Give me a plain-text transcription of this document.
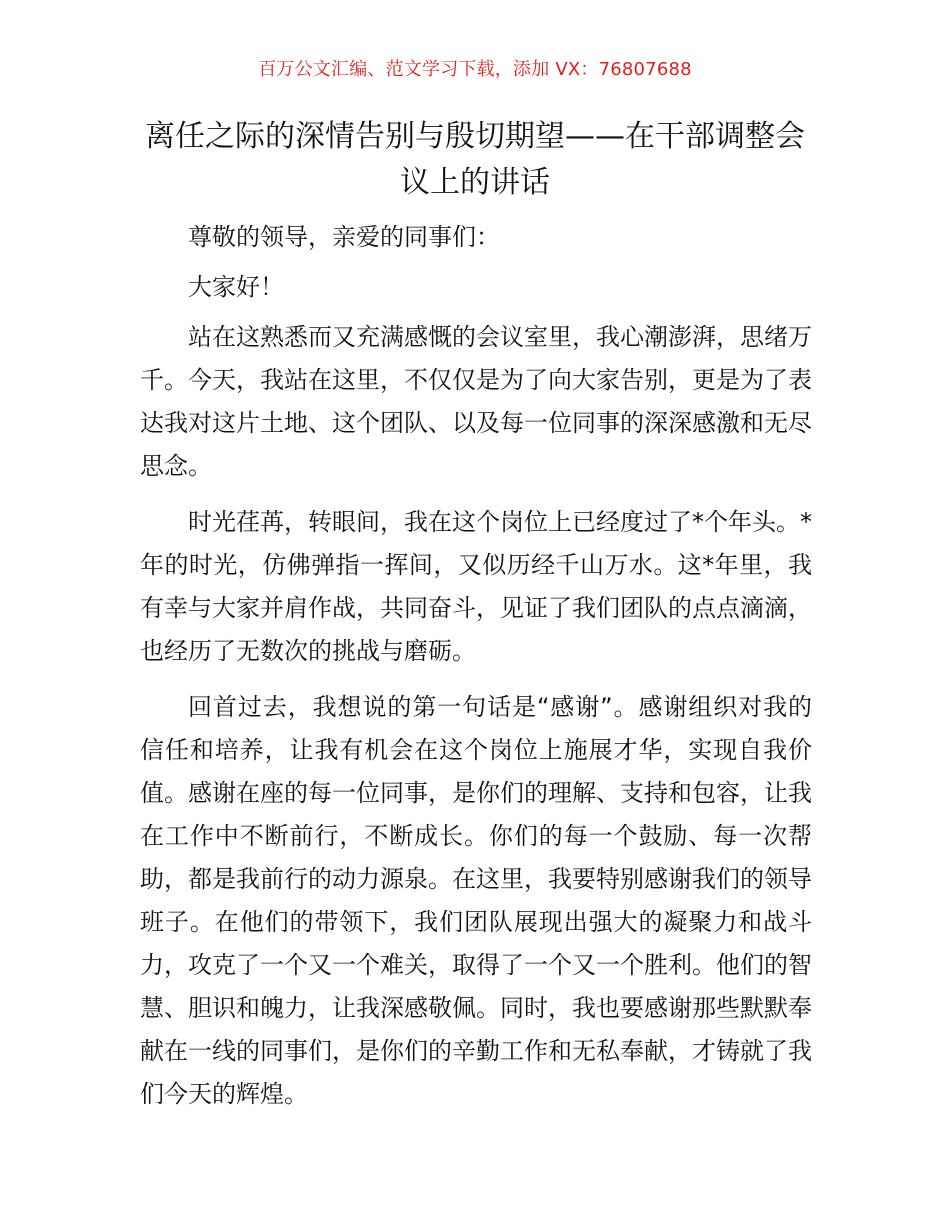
百万公文汇编、范文学习下载，添加 VX：76807688
离任之际的深情告别与殷切期望——在干部调整会议上的讲话

尊敬的领导，亲爱的同事们：

大家好！

站在这熟悉而又充满感慨的会议室里，我心潮澎湃，思绪万千。今天，我站在这里，不仅仅是为了向大家告别，更是为了表达我对这片土地、这个团队、以及每一位同事的深深感激和无尽思念。

时光荏苒，转眼间，我在这个岗位上已经度过了*个年头。*年的时光，仿佛弹指一挥间，又似历经千山万水。这*年里，我有幸与大家并肩作战，共同奋斗，见证了我们团队的点点滴滴，也经历了无数次的挑战与磨砺。

回首过去，我想说的第一句话是“感谢”。感谢组织对我的信任和培养，让我有机会在这个岗位上施展才华，实现自我价值。感谢在座的每一位同事，是你们的理解、支持和包容，让我在工作中不断前行，不断成长。你们的每一个鼓励、每一次帮助，都是我前行的动力源泉。在这里，我要特别感谢我们的领导班子。在他们的带领下，我们团队展现出强大的凝聚力和战斗力，攻克了一个又一个难关，取得了一个又一个胜利。他们的智慧、胆识和魄力，让我深感敬佩。同时，我也要感谢那些默默奉献在一线的同事们，是你们的辛勤工作和无私奉献，才铸就了我们今天的辉煌。
